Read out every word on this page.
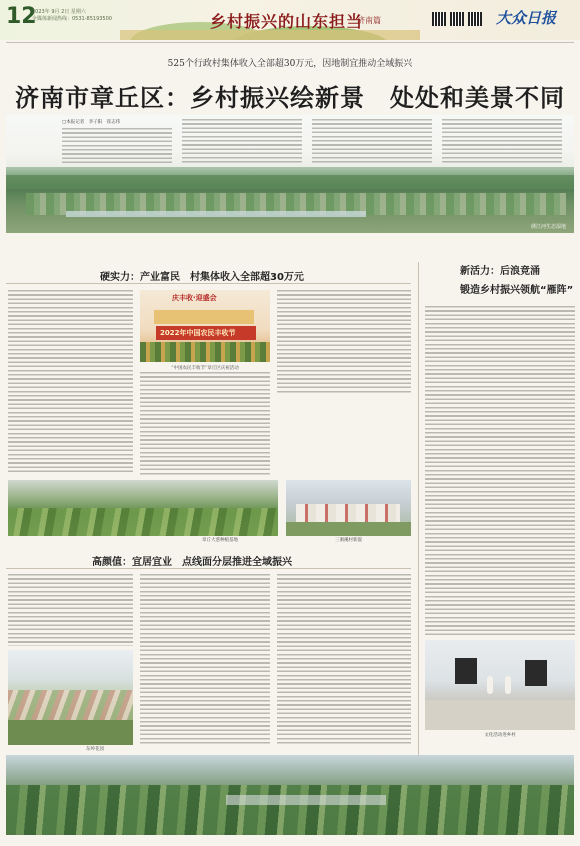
12
2023年 9月 2日 星期六
全媒体新闻热线：0531-85193500	乡村振兴的山东担当
济南篇	大众日报
525个行政村集体收入全部超30万元，因地制宜推动全域振兴
济南市章丘区：乡村振兴绘新景　处处和美景不同
□本报记者　李子阳　崔志伟
绣江河生态湿地
硬实力：产业富民　村集体收入全部超30万元
庆丰收·迎盛会
2022年中国农民丰收节
“中国农民丰收节”章丘区庆祝活动
章丘大葱种植基地	三涧溪村新貌
新活力：后浪竞涌
锻造乡村振兴领航“雁阵”
高颜值：宜居宜业　点线面分层推进全域振兴
东岭花园
文化活动进乡村
